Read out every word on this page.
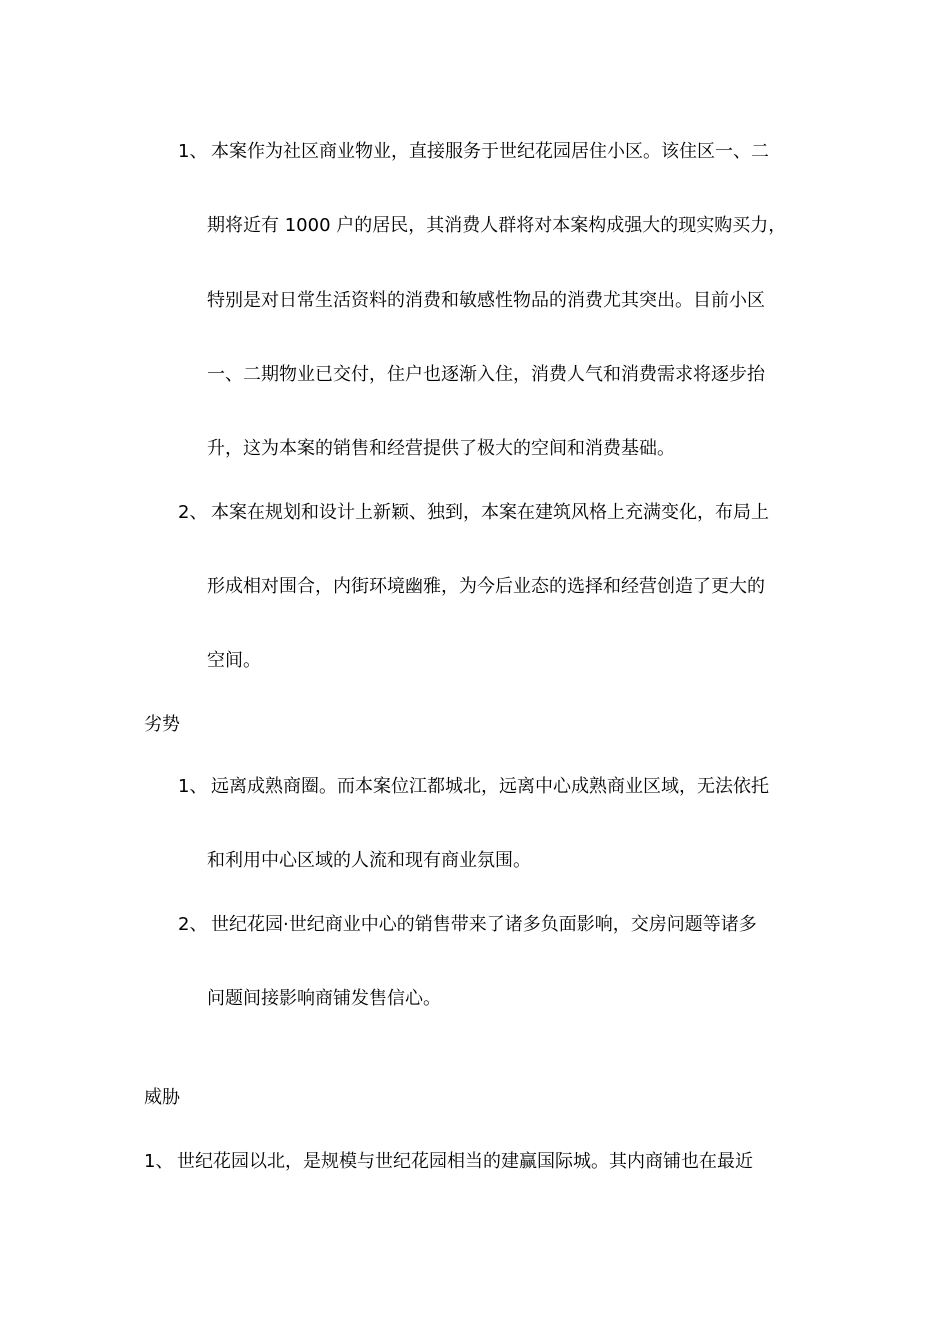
1、 本案作为社区商业物业，直接服务于世纪花园居住小区。该住区一、二

期将近有 1000 户的居民，其消费人群将对本案构成强大的现实购买力，

特别是对日常生活资料的消费和敏感性物品的消费尤其突出。目前小区

一、二期物业已交付，住户也逐渐入住，消费人气和消费需求将逐步抬

升，这为本案的销售和经营提供了极大的空间和消费基础。

2、 本案在规划和设计上新颖、独到，本案在建筑风格上充满变化，布局上

形成相对围合，内街环境幽雅，为今后业态的选择和经营创造了更大的

空间。

劣势

1、 远离成熟商圈。而本案位江都城北，远离中心成熟商业区域，无法依托

和利用中心区域的人流和现有商业氛围。

2、 世纪花园·世纪商业中心的销售带来了诸多负面影响，交房问题等诸多

问题间接影响商铺发售信心。

威胁

1、 世纪花园以北，是规模与世纪花园相当的建赢国际城。其内商铺也在最近
